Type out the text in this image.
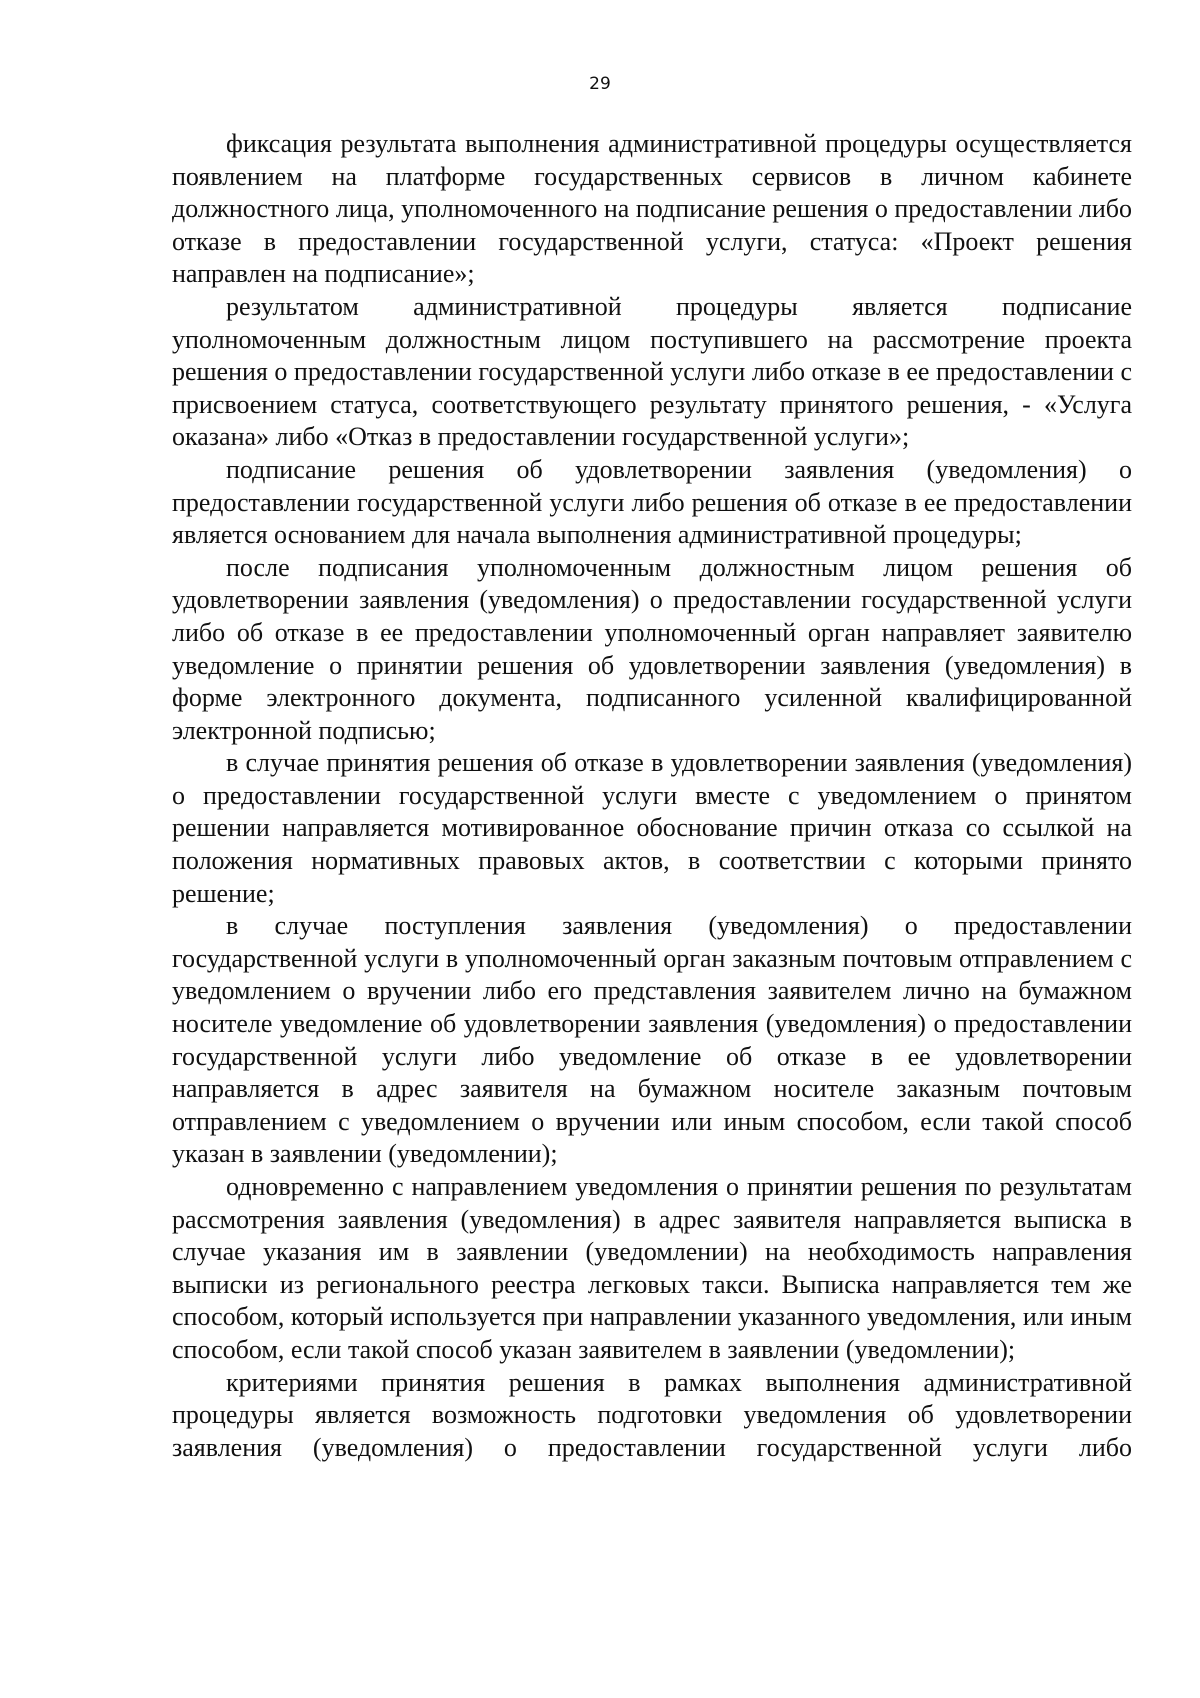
29

фиксация результата выполнения административной процедуры осуществляется появлением на платформе государственных сервисов в личном кабинете должностного лица, уполномоченного на подписание решения о предоставлении либо отказе в предоставлении государственной услуги, статуса: «Проект решения направлен на подписание»;

результатом административной процедуры является подписание уполномоченным должностным лицом поступившего на рассмотрение проекта решения о предоставлении государственной услуги либо отказе в ее предоставлении с присвоением статуса, соответствующего результату принятого решения, - «Услуга оказана» либо «Отказ в предоставлении государственной услуги»;

подписание решения об удовлетворении заявления (уведомления) о предоставлении государственной услуги либо решения об отказе в ее предоставлении является основанием для начала выполнения административной процедуры;

после подписания уполномоченным должностным лицом решения об удовлетворении заявления (уведомления) о предоставлении государственной услуги либо об отказе в ее предоставлении уполномоченный орган направляет заявителю уведомление о принятии решения об удовлетворении заявления (уведомления) в форме электронного документа, подписанного усиленной квалифицированной электронной подписью;

в случае принятия решения об отказе в удовлетворении заявления (уведомления) о предоставлении государственной услуги вместе с уведомлением о принятом решении направляется мотивированное обоснование причин отказа со ссылкой на положения нормативных правовых актов, в соответствии с которыми принято решение;

в случае поступления заявления (уведомления) о предоставлении государственной услуги в уполномоченный орган заказным почтовым отправлением с уведомлением о вручении либо его представления заявителем лично на бумажном носителе уведомление об удовлетворении заявления (уведомления) о предоставлении государственной услуги либо уведомление об отказе в ее удовлетворении направляется в адрес заявителя на бумажном носителе заказным почтовым отправлением с уведомлением о вручении или иным способом, если такой способ указан в заявлении (уведомлении);

одновременно с направлением уведомления о принятии решения по результатам рассмотрения заявления (уведомления) в адрес заявителя направляется выписка в случае указания им в заявлении (уведомлении) на необходимость направления выписки из регионального реестра легковых такси. Выписка направляется тем же способом, который используется при направлении указанного уведомления, или иным способом, если такой способ указан заявителем в заявлении (уведомлении);

критериями принятия решения в рамках выполнения административной процедуры является возможность подготовки уведомления об удовлетворении заявления (уведомления) о предоставлении государственной услуги либо
